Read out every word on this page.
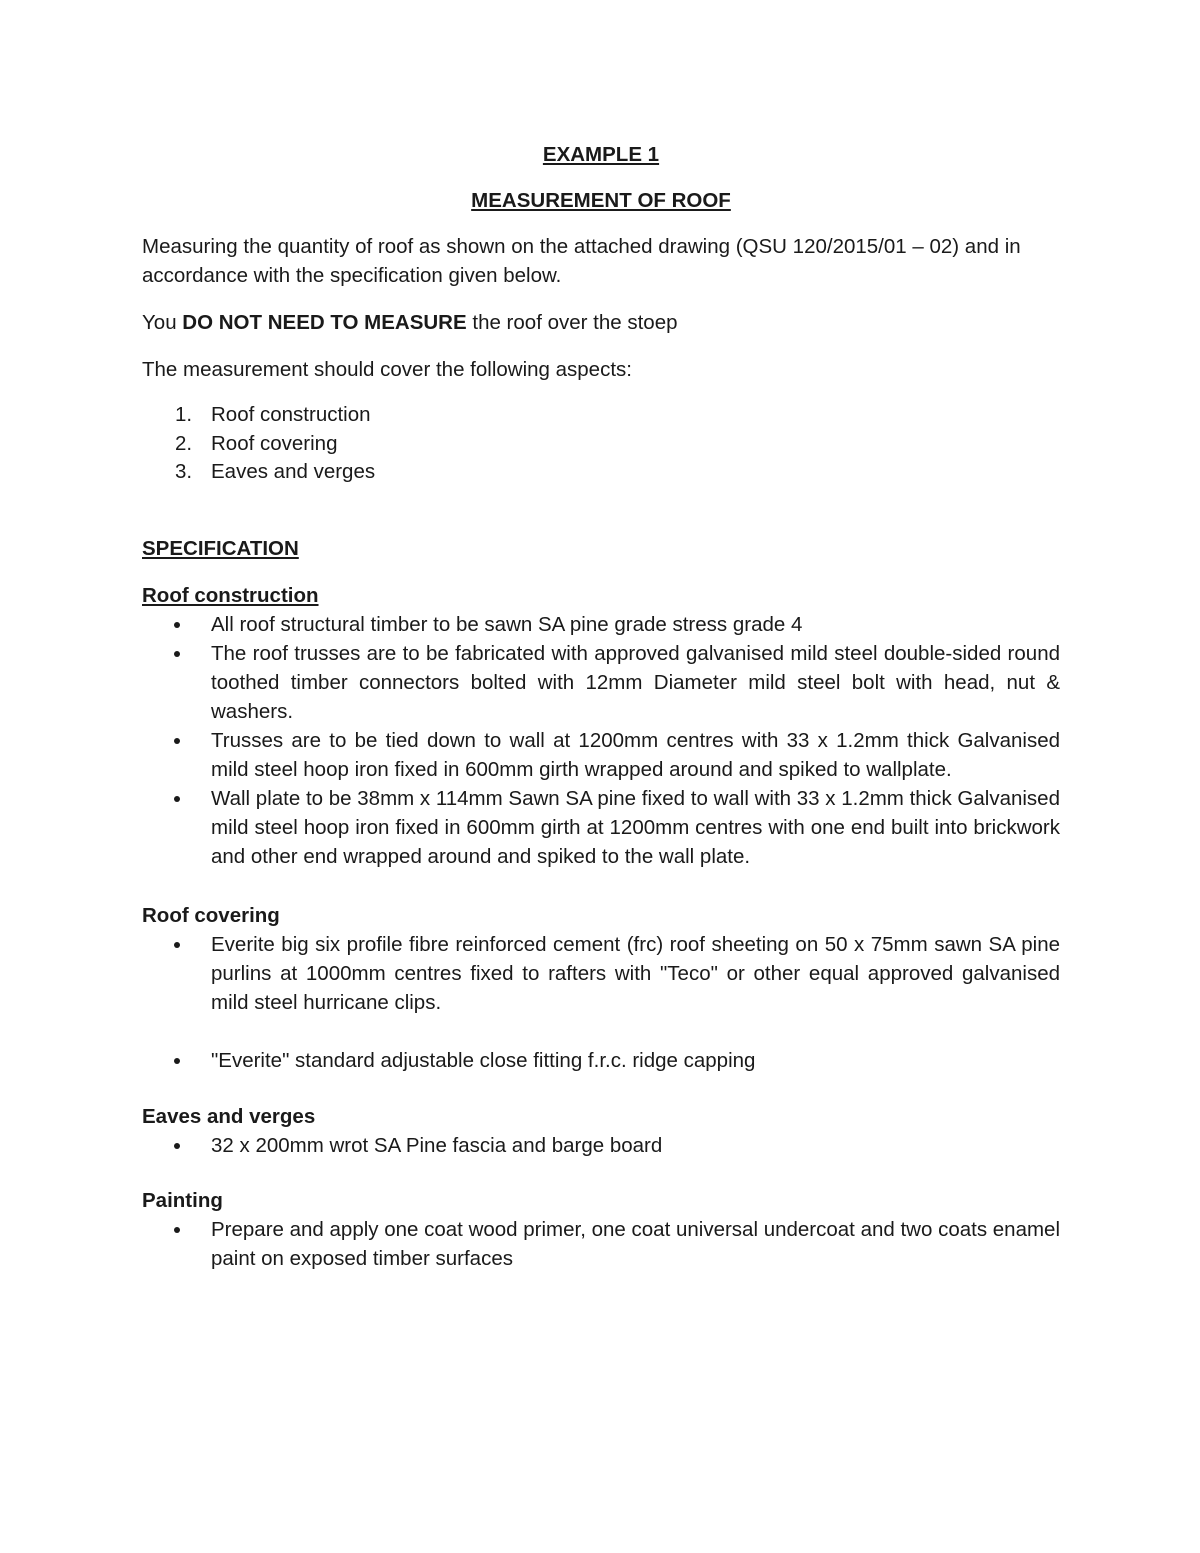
EXAMPLE 1

MEASUREMENT OF ROOF

Measuring the quantity of roof as shown on the attached drawing (QSU 120/2015/01 – 02) and in accordance with the specification given below.

You DO NOT NEED TO MEASURE the roof over the stoep

The measurement should cover the following aspects:

1. Roof construction
2. Roof covering
3. Eaves and verges

SPECIFICATION

Roof construction

All roof structural timber to be sawn SA pine grade stress grade 4
The roof trusses are to be fabricated with approved galvanised mild steel double-sided round toothed timber connectors bolted with 12mm Diameter mild steel bolt with head, nut & washers.
Trusses are to be tied down to wall at 1200mm centres with 33 x 1.2mm thick Galvanised mild steel hoop iron fixed in 600mm girth wrapped around and spiked to wallplate.
Wall plate to be 38mm x 114mm Sawn SA pine fixed to wall with 33 x 1.2mm thick Galvanised mild steel hoop iron fixed in 600mm girth at 1200mm centres with one end built into brickwork and other end wrapped around and spiked to the wall plate.

Roof covering

Everite big six profile fibre reinforced cement (frc) roof sheeting on 50 x 75mm sawn SA pine purlins at 1000mm centres fixed to rafters with "Teco" or other equal approved galvanised mild steel hurricane clips.
"Everite" standard adjustable close fitting f.r.c. ridge capping

Eaves and verges

32 x 200mm wrot SA Pine fascia and barge board

Painting

Prepare and apply one coat wood primer, one coat universal undercoat and two coats enamel paint on exposed timber surfaces
